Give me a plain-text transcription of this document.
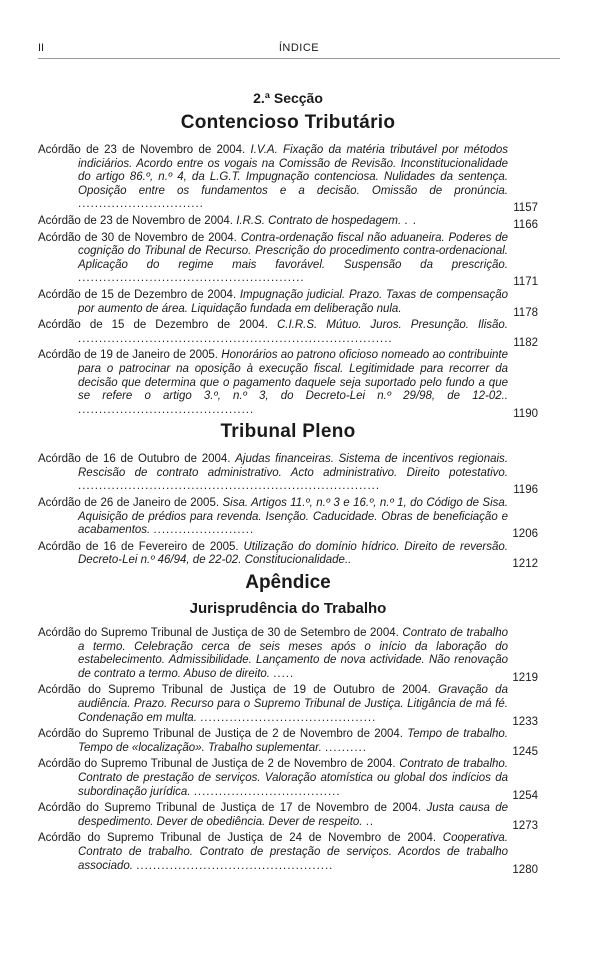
II	ÍNDICE
2.ª Secção
Contencioso Tributário
Acórdão de 23 de Novembro de 2004. I.V.A. Fixação da matéria tributável por métodos indiciários. Acordo entre os vogais na Comissão de Revisão. Inconstitucionalidade do artigo 86.º, n.º 4, da L.G.T. Impugnação contenciosa. Nulidades da sentença. Oposição entre os fundamentos e a decisão. Omissão de pronúncia. ..............................	1157
Acórdão de 23 de Novembro de 2004. I.R.S. Contrato de hospedagem. . .	1166
Acórdão de 30 de Novembro de 2004. Contra-ordenação fiscal não aduaneira. Poderes de cognição do Tribunal de Recurso. Prescrição do procedimento contra-ordenacional. Aplicação do regime mais favorável. Suspensão da prescrição. ......................................................	1171
Acórdão de 15 de Dezembro de 2004. Impugnação judicial. Prazo. Taxas de compensação por aumento de área. Liquidação fundada em deliberação nula.	1178
Acórdão de 15 de Dezembro de 2004. C.I.R.S. Mútuo. Juros. Presunção. Ilisão. ...........................................................................	1182
Acórdão de 19 de Janeiro de 2005. Honorários ao patrono oficioso nomeado ao contribuinte para o patrocinar na oposição à execução fiscal. Legitimidade para recorrer da decisão que determina que o pagamento daquele seja suportado pelo fundo a que se refere o artigo 3.º, n.º 3, do Decreto-Lei n.º 29/98, de 12-02.. ..........................................	1190
Tribunal Pleno
Acórdão de 16 de Outubro de 2004. Ajudas financeiras. Sistema de incentivos regionais. Rescisão de contrato administrativo. Acto administrativo. Direito potestativo. ........................................................................	1196
Acórdão de 26 de Janeiro de 2005. Sisa. Artigos 11.º, n.º 3 e 16.º, n.º 1, do Código de Sisa. Aquisição de prédios para revenda. Isenção. Caducidade. Obras de beneficiação e acabamentos. ........................	1206
Acórdão de 16 de Fevereiro de 2005. Utilização do domínio hídrico. Direito de reversão. Decreto-Lei n.º 46/94, de 22-02. Constitucionalidade..	1212
Apêndice
Jurisprudência do Trabalho
Acórdão do Supremo Tribunal de Justiça de 30 de Setembro de 2004. Contrato de trabalho a termo. Celebração cerca de seis meses após o início da laboração do estabelecimento. Admissibilidade. Lançamento de nova actividade. Não renovação de contrato a termo. Abuso de direito. .....	1219
Acórdão do Supremo Tribunal de Justiça de 19 de Outubro de 2004. Gravação da audiência. Prazo. Recurso para o Supremo Tribunal de Justiça. Litigância de má fé. Condenação em multa. ..........................................	1233
Acórdão do Supremo Tribunal de Justiça de 2 de Novembro de 2004. Tempo de trabalho. Tempo de «localização». Trabalho suplementar. ..........	1245
Acórdão do Supremo Tribunal de Justiça de 2 de Novembro de 2004. Contrato de trabalho. Contrato de prestação de serviços. Valoração atomística ou global dos indícios da subordinação jurídica. ...................................	1254
Acórdão do Supremo Tribunal de Justiça de 17 de Novembro de 2004. Justa causa de despedimento. Dever de obediência. Dever de respeito. ..	1273
Acórdão do Supremo Tribunal de Justiça de 24 de Novembro de 2004. Cooperativa. Contrato de trabalho. Contrato de prestação de serviços. Acordos de trabalho associado. ...............................................	1280
